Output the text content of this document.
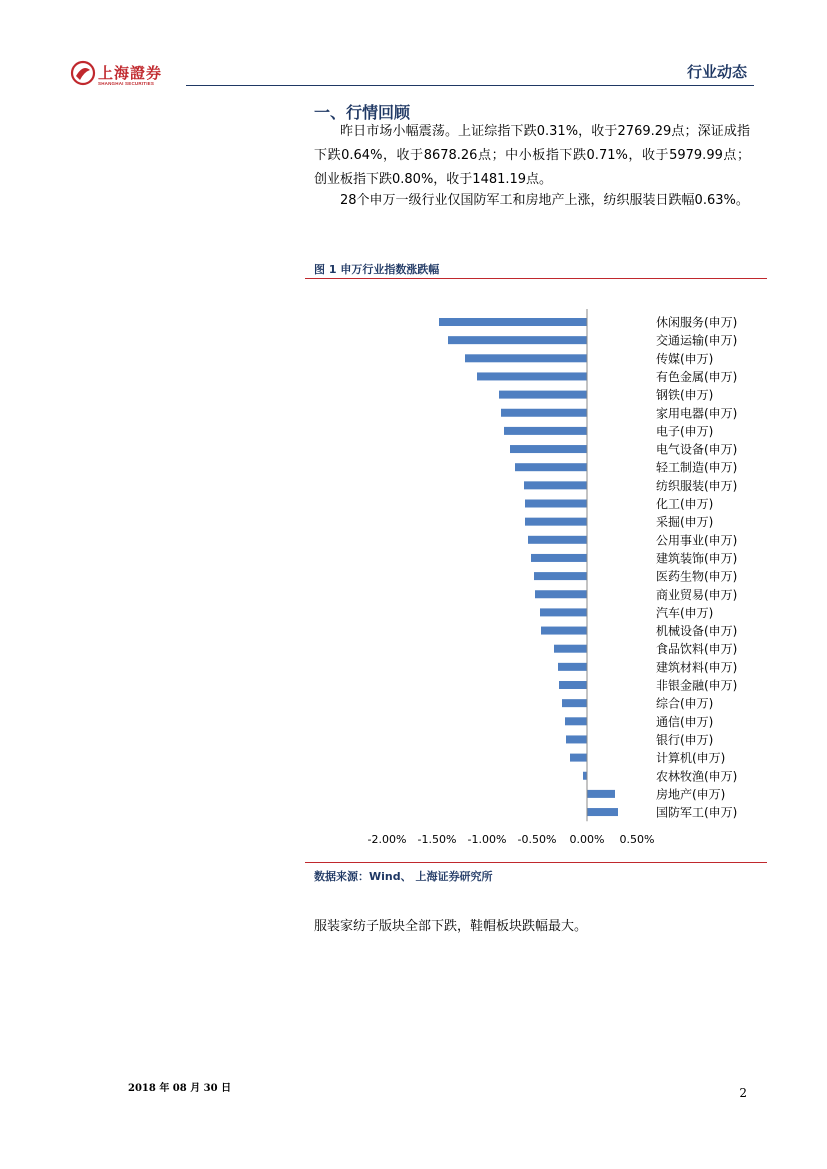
上海證券
SHANGHAI SECURITIES
行业动态
一、行情回顾

昨日市场小幅震荡。上证综指下跌0.31%，收于2769.29点；深证成指下跌0.64%，收于8678.26点；中小板指下跌0.71%，收于5979.99点；创业板指下跌0.80%，收于1481.19点。

28个申万一级行业仅国防军工和房地产上涨，纺织服装日跌幅0.63%。

图 1 申万行业指数涨跌幅
-2.00% -1.50% -1.00% -0.50% 0.00% 0.50%
休闲服务(申万)
交通运输(申万)
传媒(申万)
有色金属(申万)
钢铁(申万)
家用电器(申万)
电子(申万)
电气设备(申万)
轻工制造(申万)
纺织服装(申万)
化工(申万)
采掘(申万)
公用事业(申万)
建筑装饰(申万)
医药生物(申万)
商业贸易(申万)
汽车(申万)
机械设备(申万)
食品饮料(申万)
建筑材料(申万)
非银金融(申万)
综合(申万)
通信(申万)
银行(申万)
计算机(申万)
农林牧渔(申万)
房地产(申万)
国防军工(申万)
数据来源：Wind、 上海证券研究所

服装家纺子版块全部下跌，鞋帽板块跌幅最大。

2018 年 08 月 30 日	2
